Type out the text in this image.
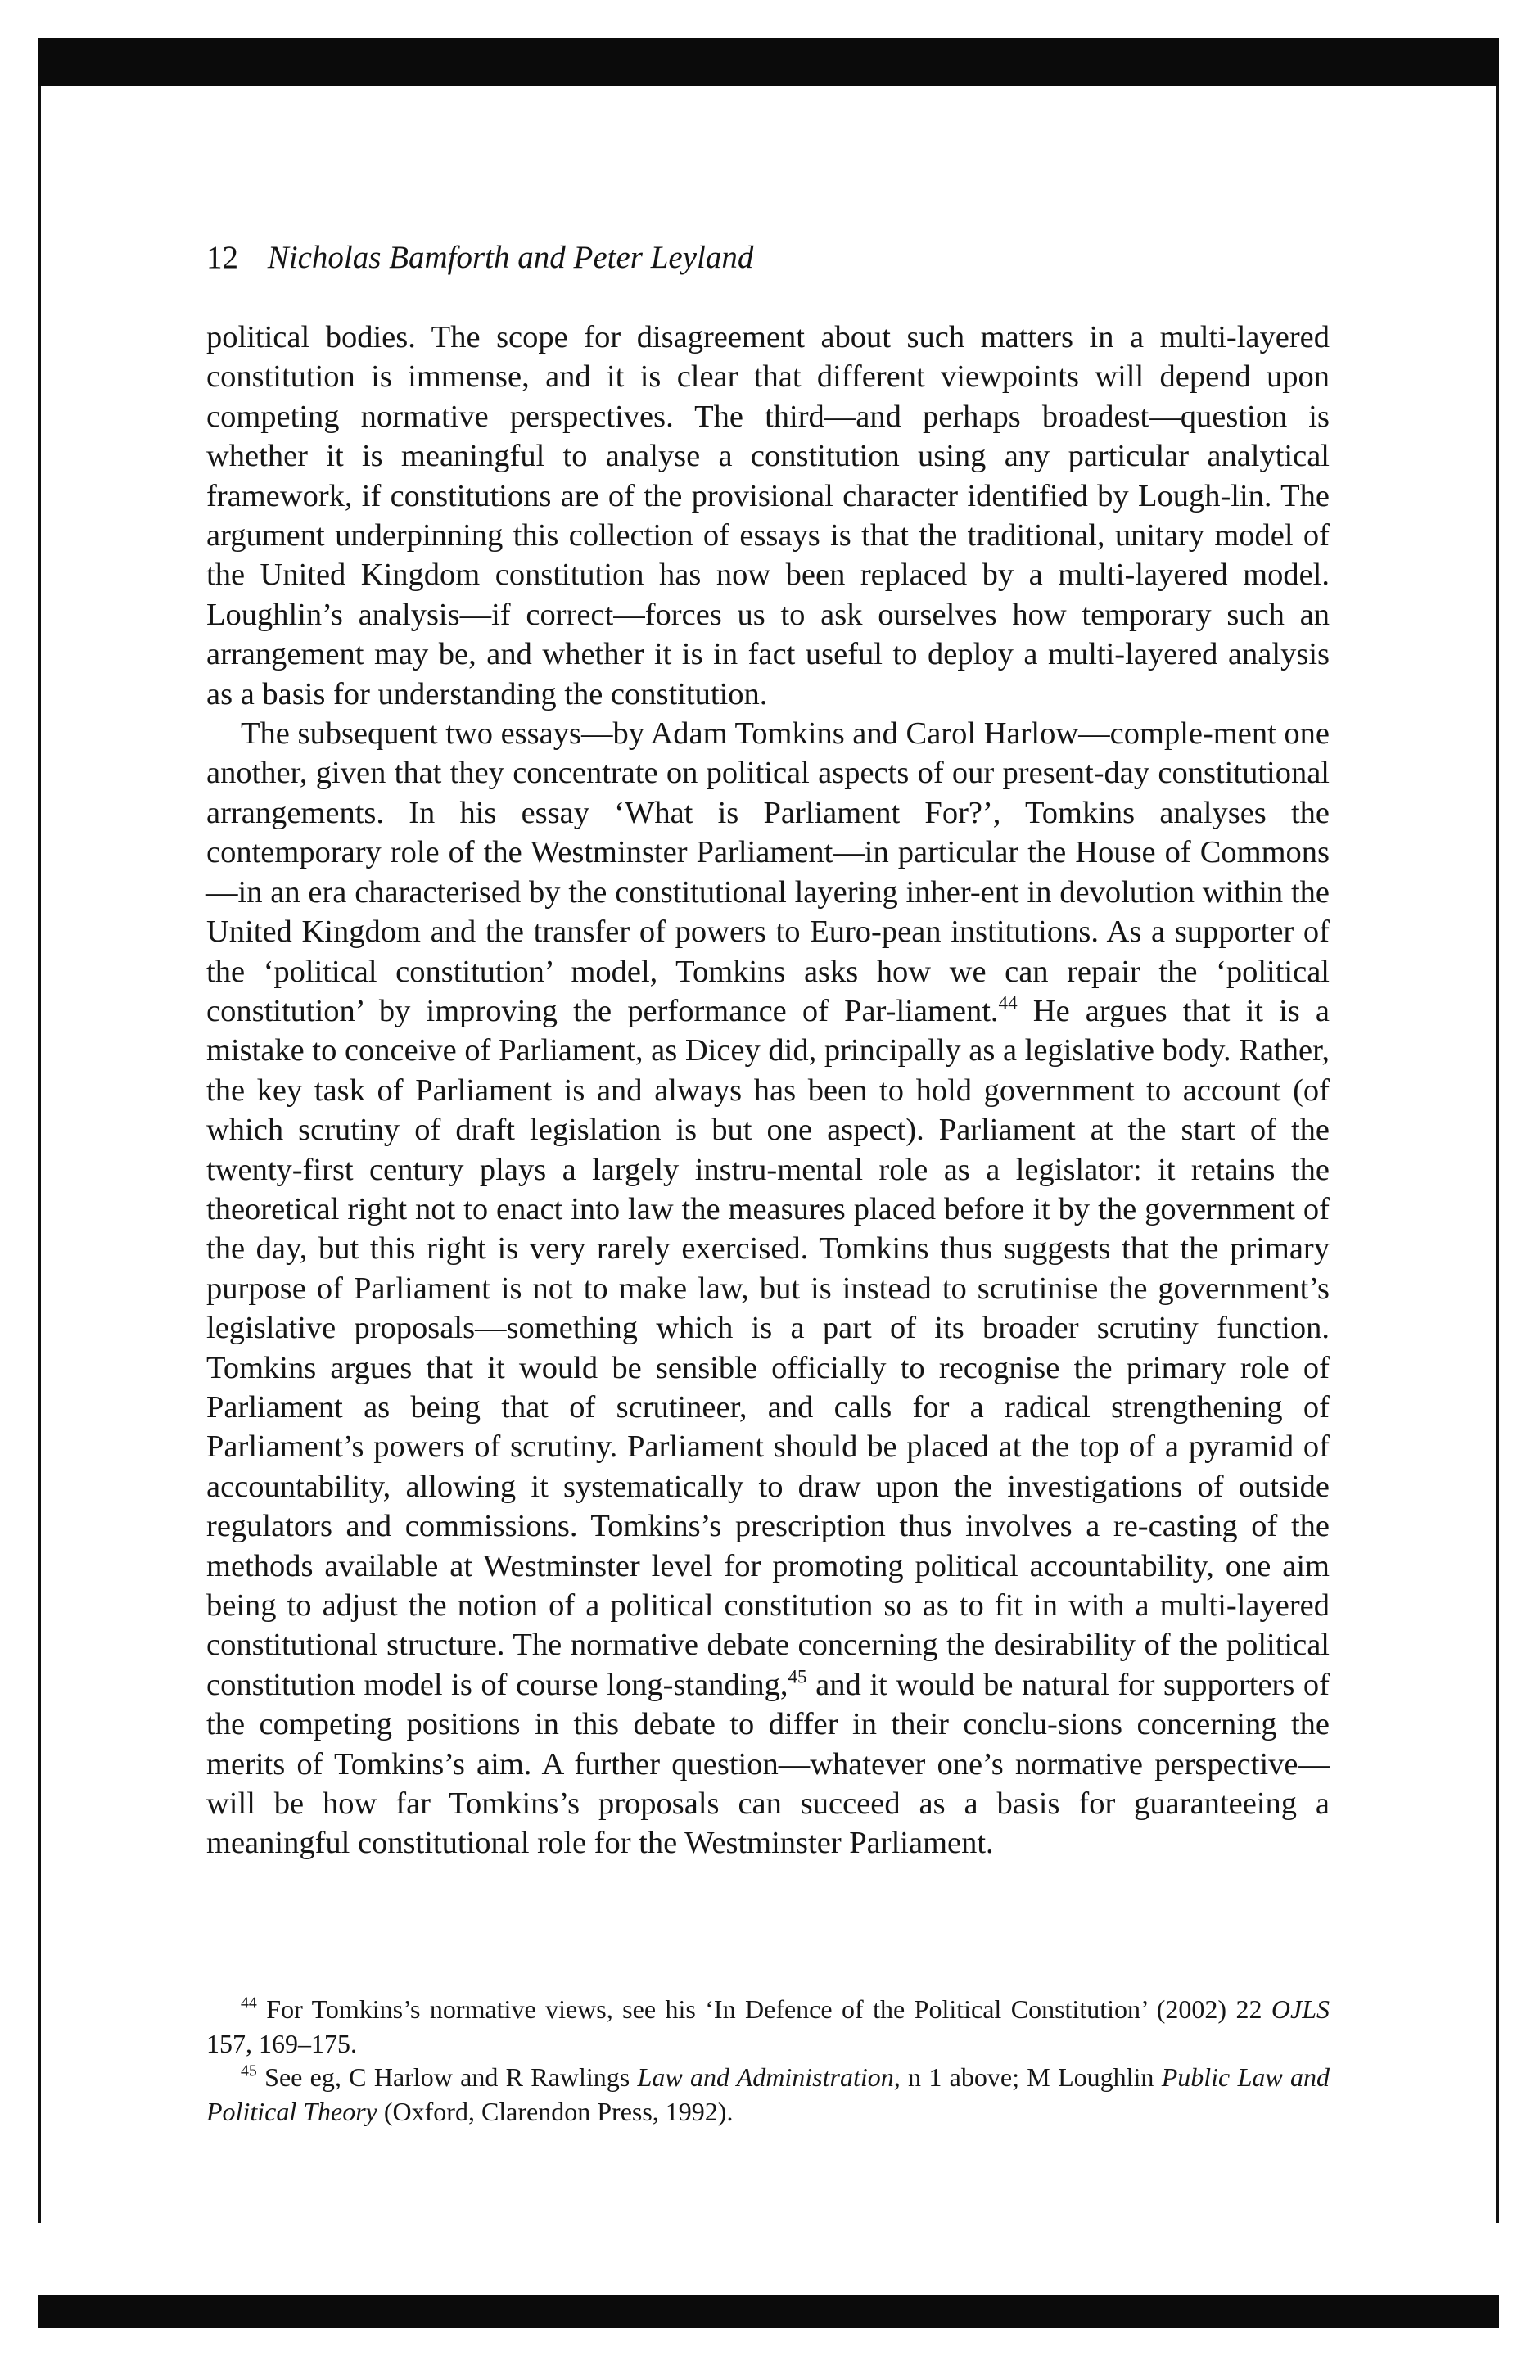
12 Nicholas Bamforth and Peter Leyland

political bodies. The scope for disagreement about such matters in a multi-layered constitution is immense, and it is clear that different viewpoints will depend upon competing normative perspectives. The third—and perhaps broadest—question is whether it is meaningful to analyse a constitution using any particular analytical framework, if constitutions are of the provisional character identified by Lough-lin. The argument underpinning this collection of essays is that the traditional, unitary model of the United Kingdom constitution has now been replaced by a multi-layered model. Loughlin’s analysis—if correct—forces us to ask ourselves how temporary such an arrangement may be, and whether it is in fact useful to deploy a multi-layered analysis as a basis for understanding the constitution.

The subsequent two essays—by Adam Tomkins and Carol Harlow—comple-ment one another, given that they concentrate on political aspects of our present-day constitutional arrangements. In his essay ‘What is Parliament For?’, Tomkins analyses the contemporary role of the Westminster Parliament—in particular the House of Commons—in an era characterised by the constitutional layering inher-ent in devolution within the United Kingdom and the transfer of powers to Euro-pean institutions. As a supporter of the ‘political constitution’ model, Tomkins asks how we can repair the ‘political constitution’ by improving the performance of Par-liament.$^{44}$ He argues that it is a mistake to conceive of Parliament, as Dicey did, principally as a legislative body. Rather, the key task of Parliament is and always has been to hold government to account (of which scrutiny of draft legislation is but one aspect). Parliament at the start of the twenty-first century plays a largely instru-mental role as a legislator: it retains the theoretical right not to enact into law the measures placed before it by the government of the day, but this right is very rarely exercised. Tomkins thus suggests that the primary purpose of Parliament is not to make law, but is instead to scrutinise the government’s legislative proposals—something which is a part of its broader scrutiny function. Tomkins argues that it would be sensible officially to recognise the primary role of Parliament as being that of scrutineer, and calls for a radical strengthening of Parliament’s powers of scrutiny. Parliament should be placed at the top of a pyramid of accountability, allowing it systematically to draw upon the investigations of outside regulators and commissions. Tomkins’s prescription thus involves a re-casting of the methods available at Westminster level for promoting political accountability, one aim being to adjust the notion of a political constitution so as to fit in with a multi-layered constitutional structure. The normative debate concerning the desirability of the political constitution model is of course long-standing,$^{45}$ and it would be natural for supporters of the competing positions in this debate to differ in their conclu-sions concerning the merits of Tomkins’s aim. A further question—whatever one’s normative perspective—will be how far Tomkins’s proposals can succeed as a basis for guaranteeing a meaningful constitutional role for the Westminster Parliament.

$^{44}$ For Tomkins’s normative views, see his ‘In Defence of the Political Constitution’ (2002) 22 OJLS 157, 169–175.

$^{45}$ See eg, C Harlow and R Rawlings Law and Administration, n 1 above; M Loughlin Public Law and Political Theory (Oxford, Clarendon Press, 1992).
